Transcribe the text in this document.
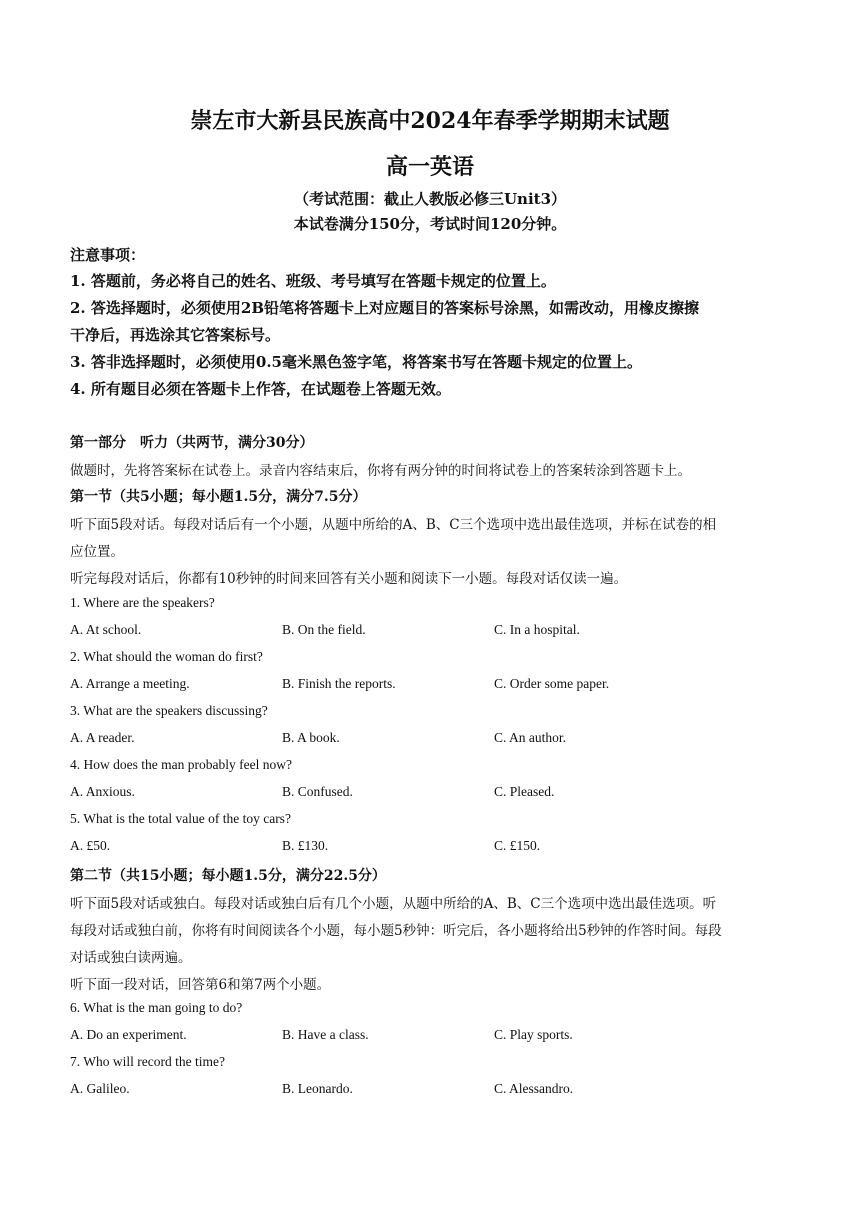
崇左市大新县民族高中2024年春季学期期末试题
高一英语
（考试范围：截止人教版必修三Unit3）
本试卷满分150分，考试时间120分钟。
注意事项：
1. 答题前，务必将自己的姓名、班级、考号填写在答题卡规定的位置上。
2. 答选择题时，必须使用2B铅笔将答题卡上对应题目的答案标号涂黑，如需改动，用橡皮擦擦
干净后，再选涂其它答案标号。
3. 答非选择题时，必须使用0.5毫米黑色签字笔，将答案书写在答题卡规定的位置上。
4. 所有题目必须在答题卡上作答，在试题卷上答题无效。
第一部分　听力（共两节，满分30分）
做题时，先将答案标在试卷上。录音内容结束后，你将有两分钟的时间将试卷上的答案转涂到答题卡上。
第一节（共5小题；每小题1.5分，满分7.5分）
听下面5段对话。每段对话后有一个小题，从题中所给的A、B、C三个选项中选出最佳选项，并标在试卷的相
应位置。
听完每段对话后，你都有10秒钟的时间来回答有关小题和阅读下一小题。每段对话仅读一遍。
1. Where are the speakers?
A. At school.	B. On the field.	C. In a hospital.
2. What should the woman do first?
A. Arrange a meeting.	B. Finish the reports.	C. Order some paper.
3. What are the speakers discussing?
A. A reader.	B. A book.	C. An author.
4. How does the man probably feel now?
A. Anxious.	B. Confused.	C. Pleased.
5. What is the total value of the toy cars?
A. £50.	B. £130.	C. £150.
第二节（共15小题；每小题1.5分，满分22.5分）
听下面5段对话或独白。每段对话或独白后有几个小题，从题中所给的A、B、C三个选项中选出最佳选项。听
每段对话或独白前，你将有时间阅读各个小题，每小题5秒钟：听完后，各小题将给出5秒钟的作答时间。每段
对话或独白读两遍。
听下面一段对话，回答第6和第7两个小题。
6. What is the man going to do?
A. Do an experiment.	B. Have a class.	C. Play sports.
7. Who will record the time?
A. Galileo.	B. Leonardo.	C. Alessandro.
